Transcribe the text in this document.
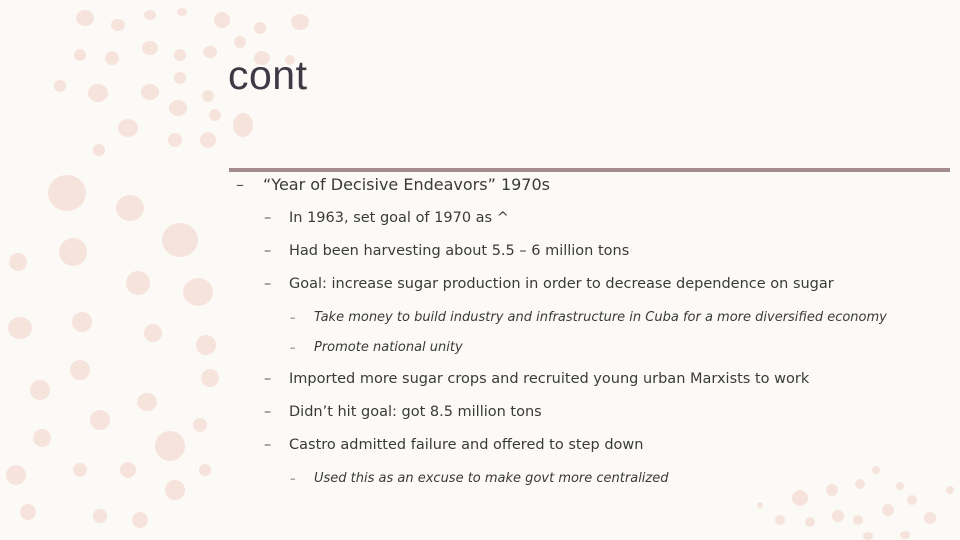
cont
– “Year of Decisive Endeavors” 1970s
– In 1963, set goal of 1970 as ^
– Had been harvesting about 5.5 – 6 million tons
– Goal: increase sugar production in order to decrease dependence on sugar
– Take money to build industry and infrastructure in Cuba for a more diversified economy
– Promote national unity
– Imported more sugar crops and recruited young urban Marxists to work
– Didn’t hit goal: got 8.5 million tons
– Castro admitted failure and offered to step down
– Used this as an excuse to make govt more centralized
